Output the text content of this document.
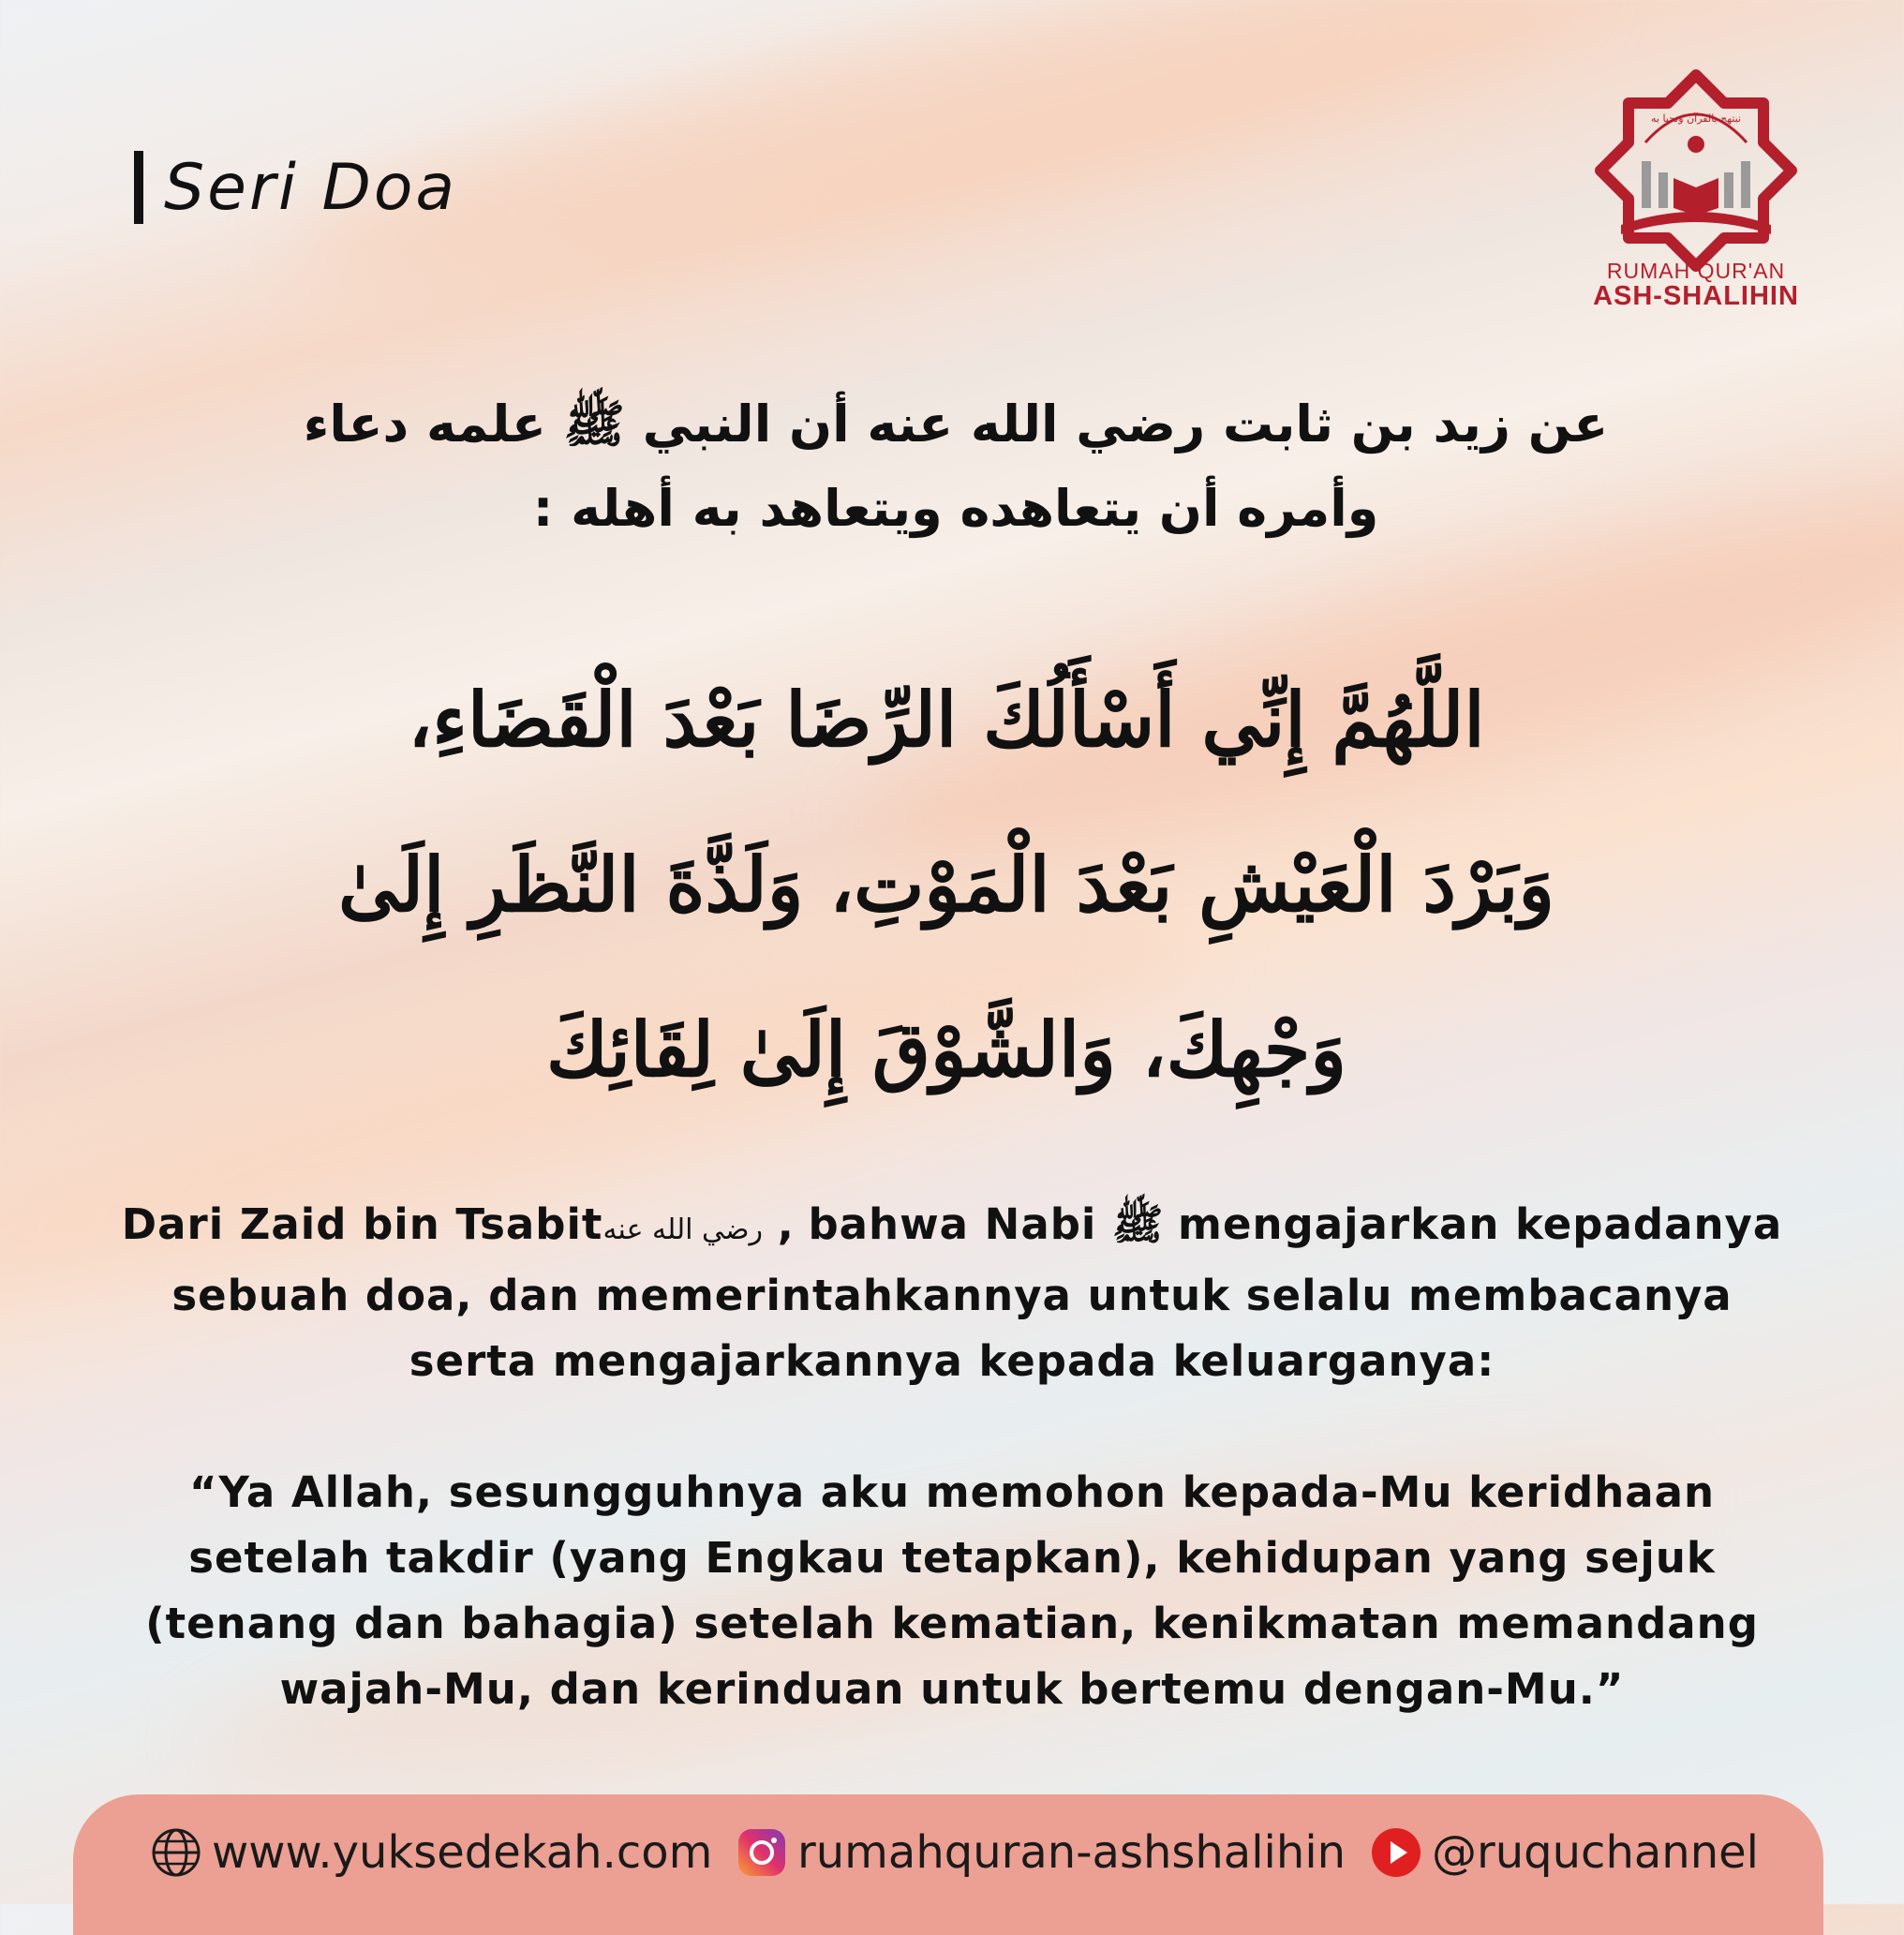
Seri Doa
نبتهج بالقرآن ونحيا به
RUMAH QUR'AN
ASH-SHALIHIN
عن زيد بن ثابت رضي الله عنه أن النبي ﷺ علمه دعاء
وأمره أن يتعاهده ويتعاهد به أهله :
اللَّهُمَّ إِنِّي أَسْأَلُكَ الرِّضَا بَعْدَ الْقَضَاءِ،
وَبَرْدَ الْعَيْشِ بَعْدَ الْمَوْتِ، وَلَذَّةَ النَّظَرِ إِلَىٰ
وَجْهِكَ، وَالشَّوْقَ إِلَىٰ لِقَائِكَ
Dari Zaid bin Tsabitرضي الله عنه , bahwa Nabi ﷺ mengajarkan kepadanya sebuah doa, dan memerintahkannya untuk selalu membacanya serta mengajarkannya kepada keluarganya:
“Ya Allah, sesungguhnya aku memohon kepada-Mu keridhaan setelah takdir (yang Engkau tetapkan), kehidupan yang sejuk (tenang dan bahagia) setelah kematian, kenikmatan memandang wajah-Mu, dan kerinduan untuk bertemu dengan-Mu.”
www.yuksedekah.com rumahquran-ashshalihin @ruquchannel
